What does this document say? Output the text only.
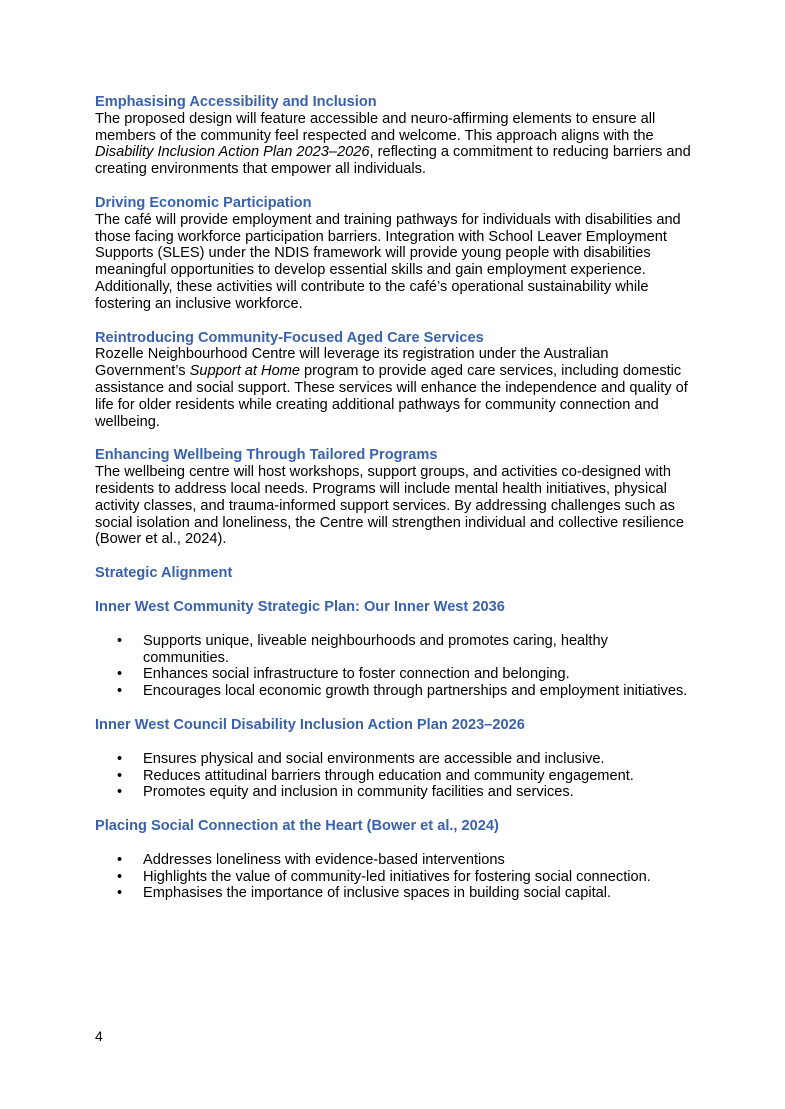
Emphasising Accessibility and Inclusion

The proposed design will feature accessible and neuro-affirming elements to ensure all members of the community feel respected and welcome. This approach aligns with the Disability Inclusion Action Plan 2023–2026, reflecting a commitment to reducing barriers and creating environments that empower all individuals.

Driving Economic Participation

The café will provide employment and training pathways for individuals with disabilities and those facing workforce participation barriers. Integration with School Leaver Employment Supports (SLES) under the NDIS framework will provide young people with disabilities meaningful opportunities to develop essential skills and gain employment experience. Additionally, these activities will contribute to the café’s operational sustainability while fostering an inclusive workforce.

Reintroducing Community-Focused Aged Care Services

Rozelle Neighbourhood Centre will leverage its registration under the Australian Government’s Support at Home program to provide aged care services, including domestic assistance and social support. These services will enhance the independence and quality of life for older residents while creating additional pathways for community connection and wellbeing.

Enhancing Wellbeing Through Tailored Programs

The wellbeing centre will host workshops, support groups, and activities co-designed with residents to address local needs. Programs will include mental health initiatives, physical activity classes, and trauma-informed support services. By addressing challenges such as social isolation and loneliness, the Centre will strengthen individual and collective resilience (Bower et al., 2024).

Strategic Alignment

Inner West Community Strategic Plan: Our Inner West 2036

• Supports unique, liveable neighbourhoods and promotes caring, healthy communities.
• Enhances social infrastructure to foster connection and belonging.
• Encourages local economic growth through partnerships and employment initiatives.

Inner West Council Disability Inclusion Action Plan 2023–2026

• Ensures physical and social environments are accessible and inclusive.
• Reduces attitudinal barriers through education and community engagement.
• Promotes equity and inclusion in community facilities and services.

Placing Social Connection at the Heart (Bower et al., 2024)

• Addresses loneliness with evidence-based interventions
• Highlights the value of community-led initiatives for fostering social connection.
• Emphasises the importance of inclusive spaces in building social capital.
4
